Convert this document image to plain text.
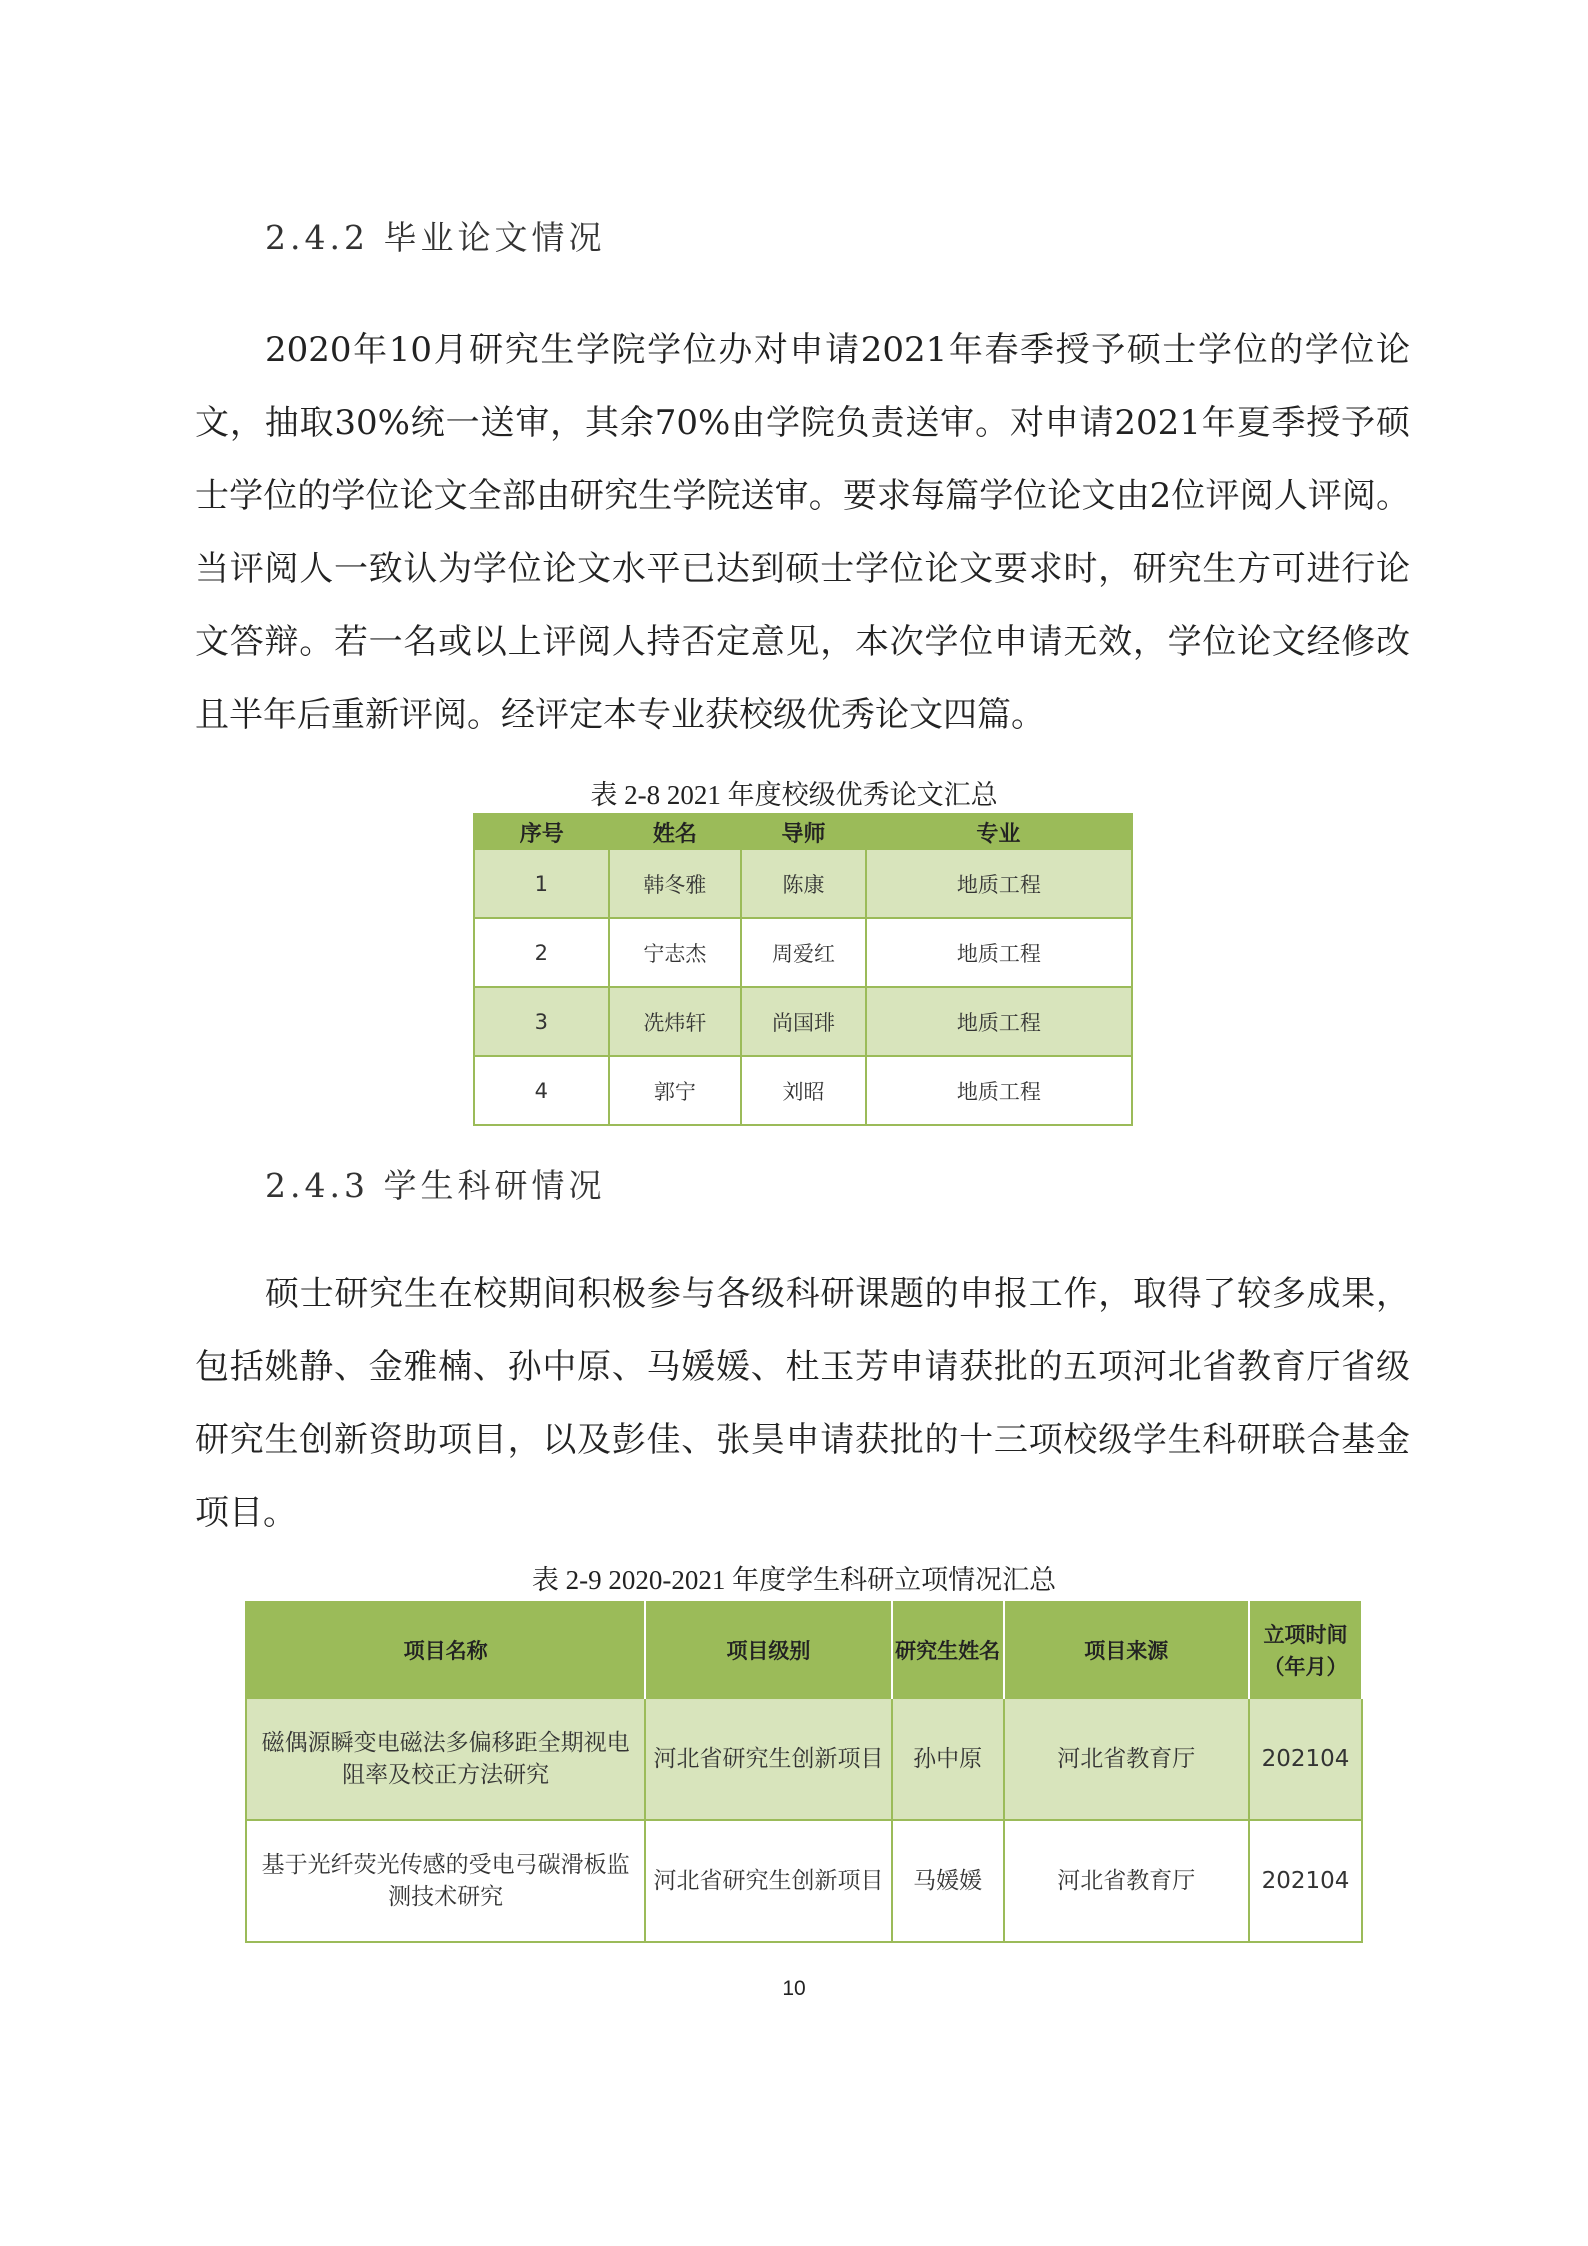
2.4.2 毕业论文情况

2020年10月研究生学院学位办对申请2021年春季授予硕士学位的学位论文，抽取30%统一送审，其余70%由学院负责送审。对申请2021年夏季授予硕士学位的学位论文全部由研究生学院送审。要求每篇学位论文由2位评阅人评阅。当评阅人一致认为学位论文水平已达到硕士学位论文要求时，研究生方可进行论文答辩。若一名或以上评阅人持否定意见，本次学位申请无效，学位论文经修改且半年后重新评阅。经评定本专业获校级优秀论文四篇。

表 2-8 2021 年度校级优秀论文汇总
序号	姓名	导师	专业
1	韩冬雅	陈康	地质工程
2	宁志杰	周爱红	地质工程
3	冼炜轩	尚国琲	地质工程
4	郭宁	刘昭	地质工程
2.4.3 学生科研情况

硕士研究生在校期间积极参与各级科研课题的申报工作，取得了较多成果，包括姚静、金雅楠、孙中原、马媛媛、杜玉芳申请获批的五项河北省教育厅省级研究生创新资助项目，以及彭佳、张昊申请获批的十三项校级学生科研联合基金项目。

表 2-9 2020-2021 年度学生科研立项情况汇总
项目名称	项目级别	研究生姓名	项目来源	立项时间（年月）
磁偶源瞬变电磁法多偏移距全期视电阻率及校正方法研究	河北省研究生创新项目	孙中原	河北省教育厅	202104
基于光纤荧光传感的受电弓碳滑板监测技术研究	河北省研究生创新项目	马媛媛	河北省教育厅	202104
10
